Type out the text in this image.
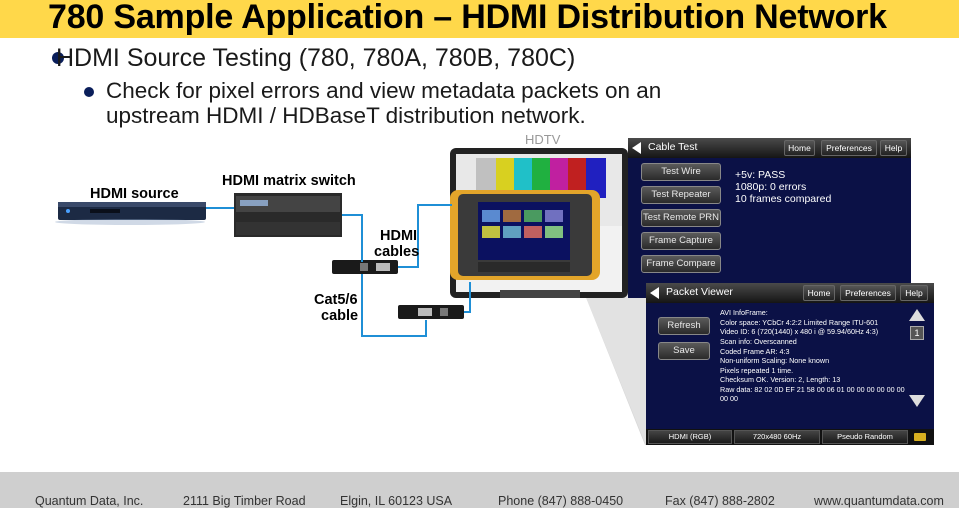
780 Sample Application – HDMI Distribution Network
HDMI Source Testing (780, 780A, 780B, 780C)
Check for pixel errors and view metadata packets on an upstream HDMI / HDBaseT distribution network.
HDMI source
HDMI matrix switch
HDMI
cables
Cat5/6
cable
HDTV	Cable Test	Home	Preferences	Help
Test Wire
Test Repeater
Test Remote PRN
Frame Capture
Frame Compare
+5v: PASS
1080p: 0 errors
10 frames compared
Packet Viewer	Home	Preferences	Help
Refresh
Save
AVI InfoFrame:
Color space: YCbCr 4:2:2 Limited Range ITU-601
Video ID: 6 (720(1440) x 480 i @ 59.94/60Hz 4:3)
Scan info: Overscanned
Coded Frame AR: 4:3
Non-uniform Scaling: None known
Pixels repeated 1 time.
Checksum OK. Version: 2, Length: 13
Raw data: 82 02 0D EF 21 58 00 06 01 00 00 00 00 00 00
00 00
1
HDMI (RGB)	720x480 60Hz	Pseudo Random
Quantum Data, Inc.	2111 Big Timber Road	Elgin, IL 60123 USA	Phone (847) 888-0450	Fax (847) 888-2802	www.quantumdata.com
